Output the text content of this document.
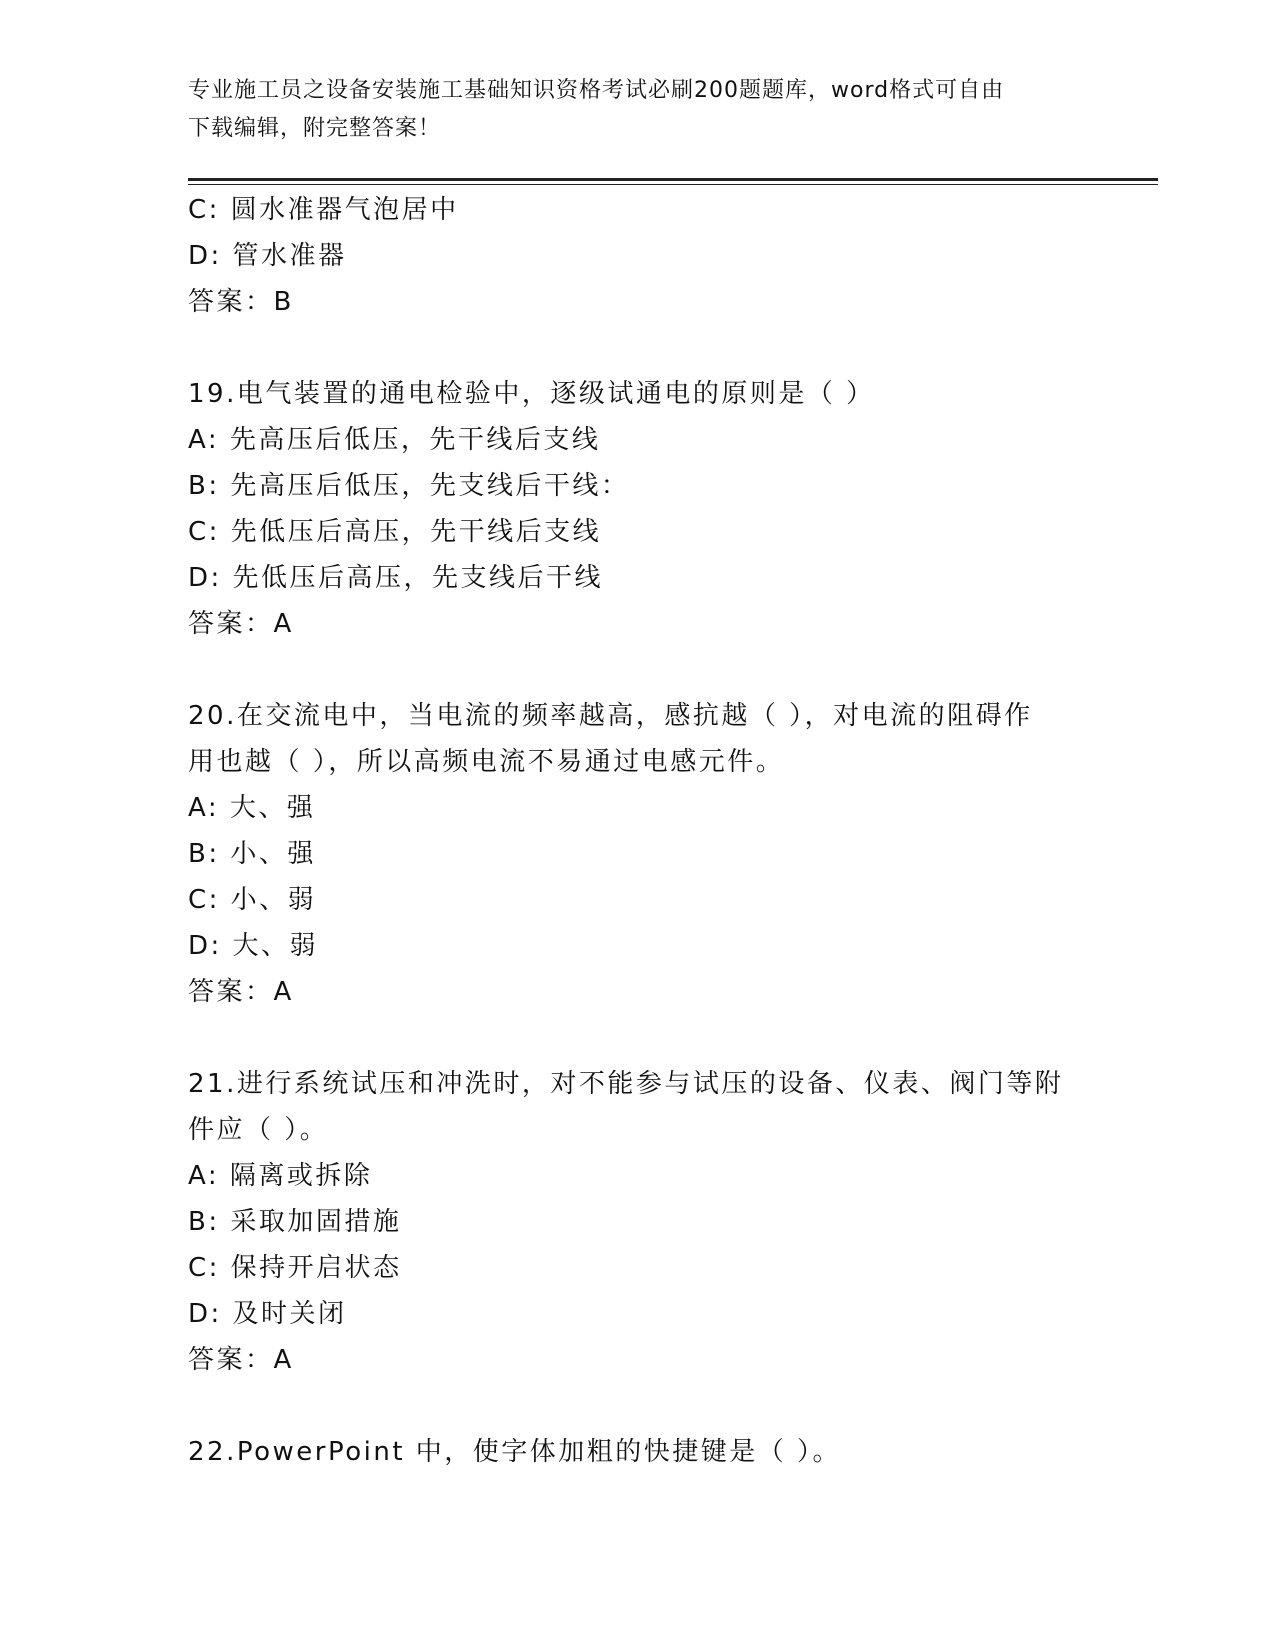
专业施工员之设备安装施工基础知识资格考试必刷200题题库，word格式可自由
下载编辑，附完整答案！
C: 圆水准器气泡居中
D: 管水准器
答案：B
19.电气装置的通电检验中，逐级试通电的原则是（ ）
A: 先高压后低压，先干线后支线
B: 先高压后低压，先支线后干线：
C: 先低压后高压，先干线后支线
D: 先低压后高压，先支线后干线
答案：A
20.在交流电中，当电流的频率越高，感抗越（ ），对电流的阻碍作
用也越（ ），所以高频电流不易通过电感元件。
A: 大、强
B: 小、强
C: 小、弱
D: 大、弱
答案：A
21.进行系统试压和冲洗时，对不能参与试压的设备、仪表、阀门等附
件应（ ）。
A: 隔离或拆除
B: 采取加固措施
C: 保持开启状态
D: 及时关闭
答案：A
22.PowerPoint 中，使字体加粗的快捷键是（ ）。
